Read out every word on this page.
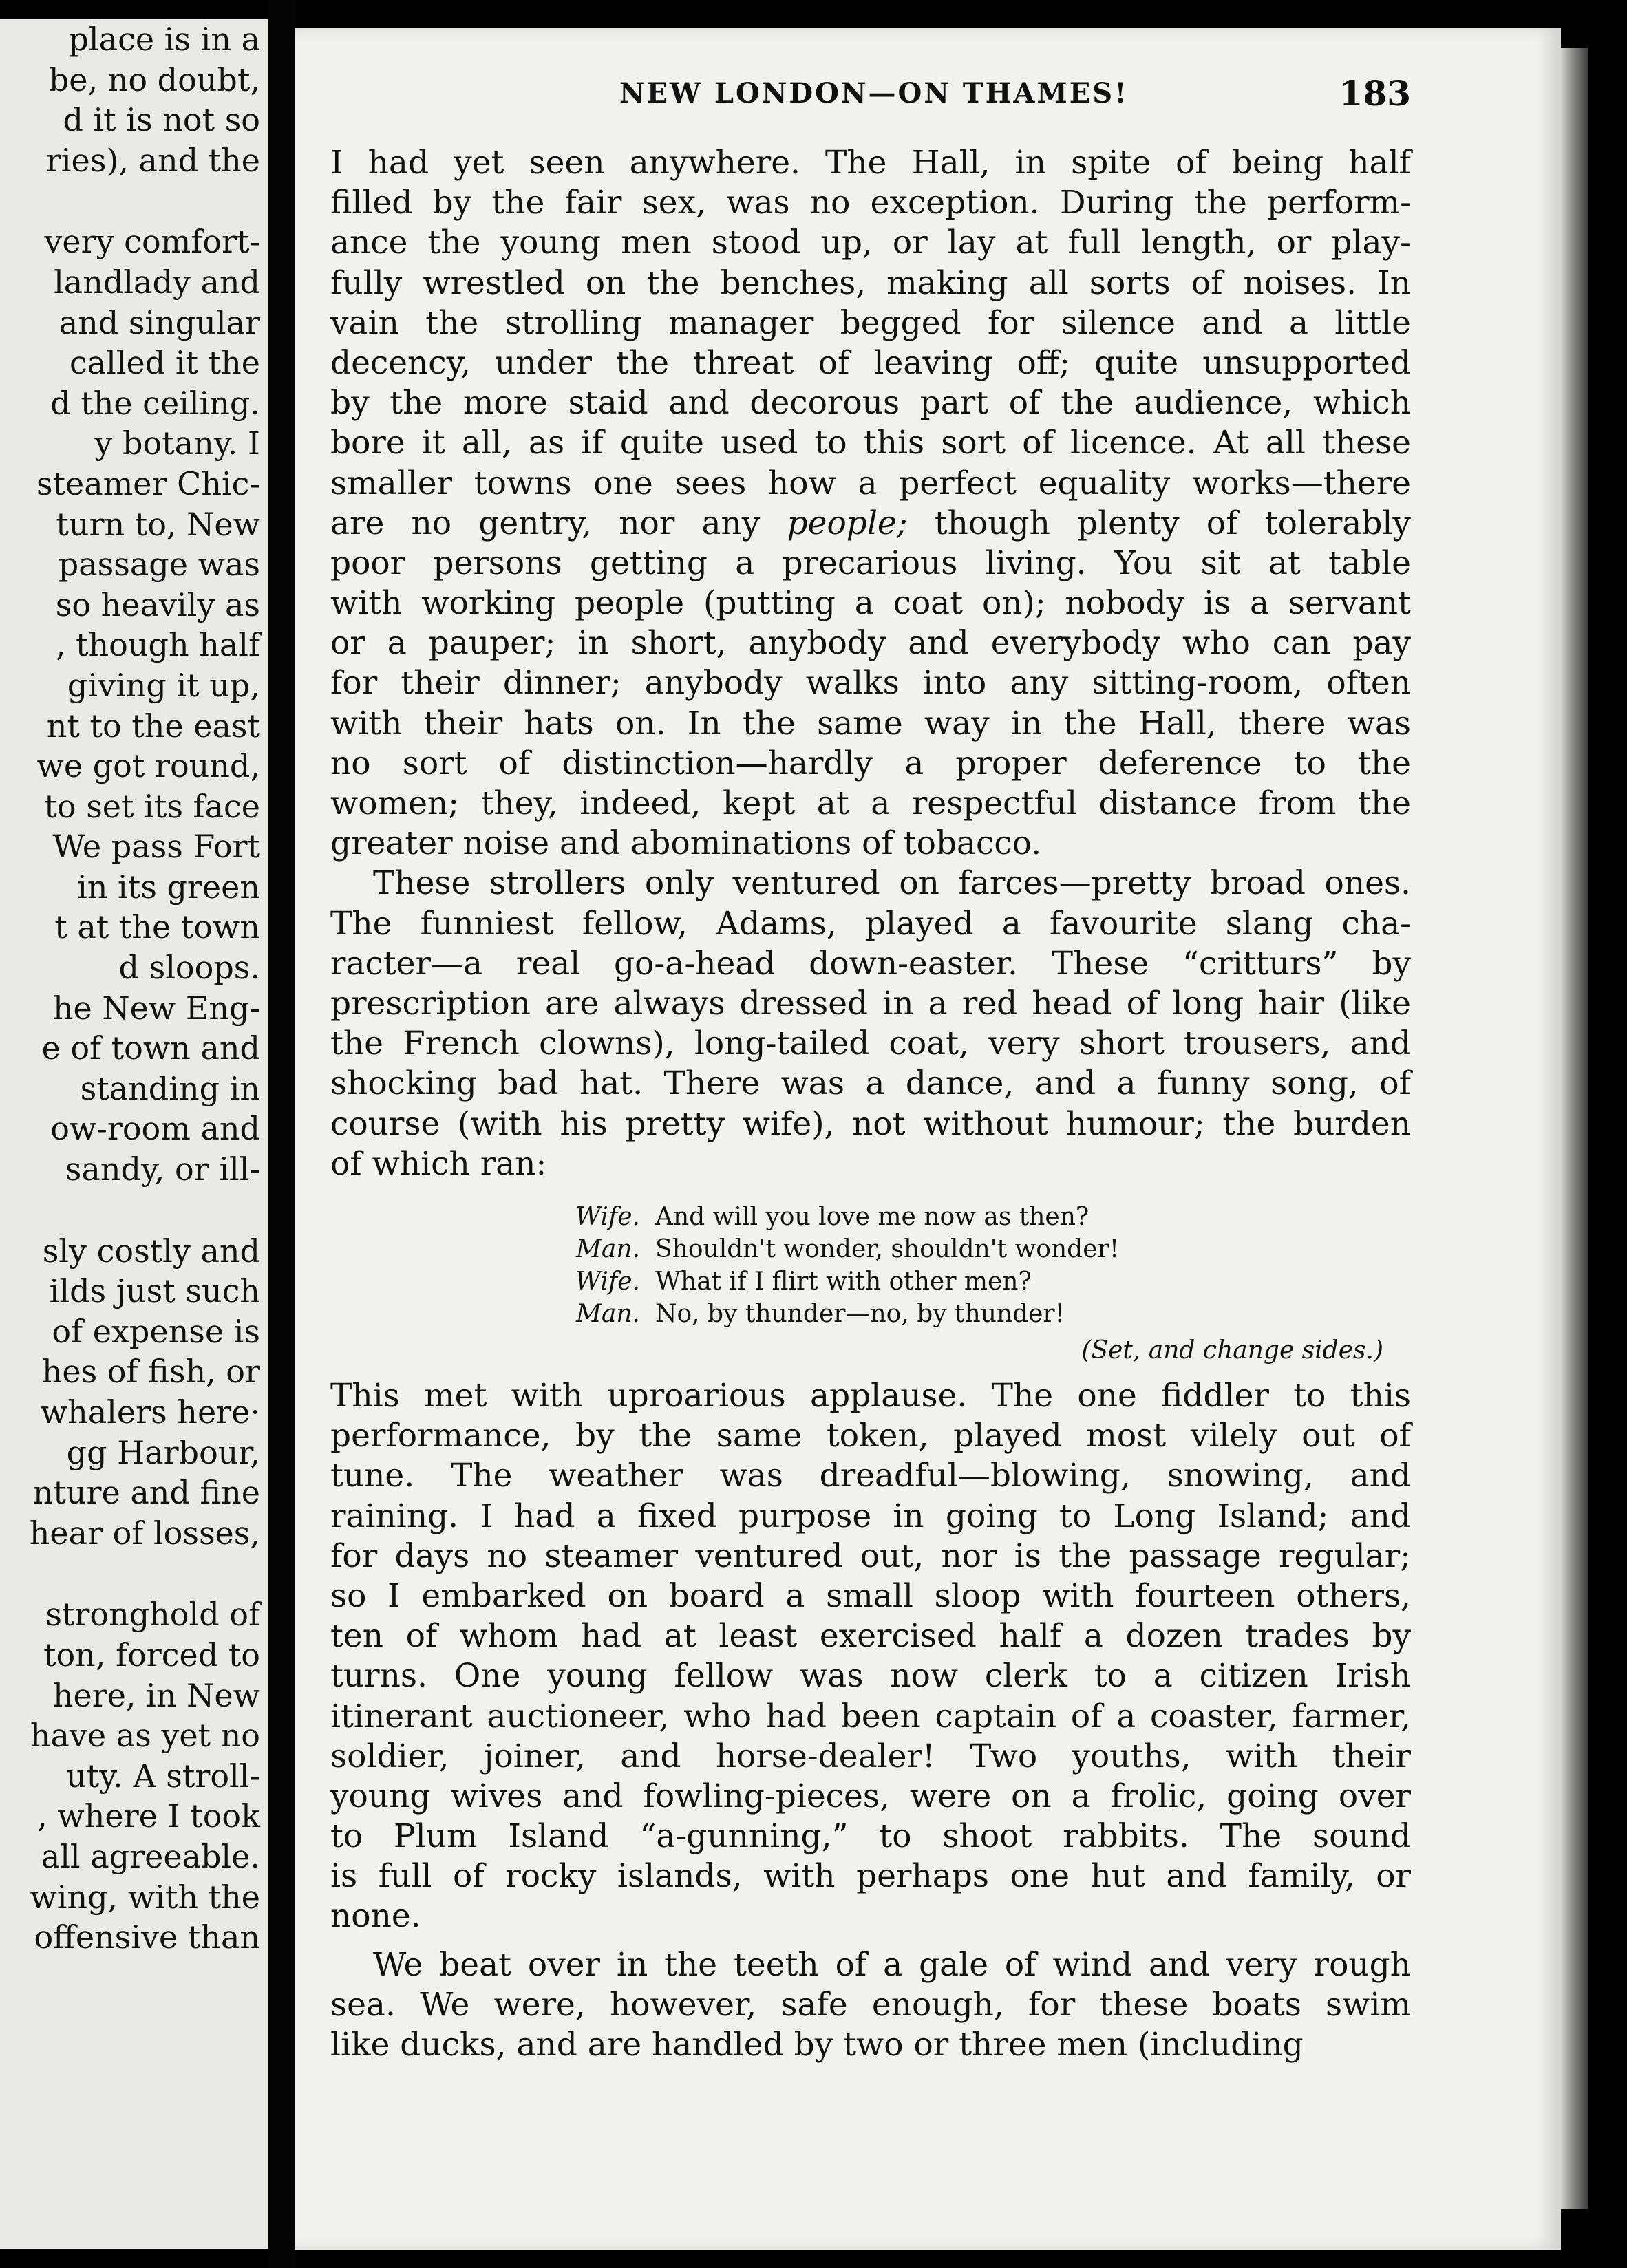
place is in a
be, no doubt,
d it is not so
ries), and the
very comfort-
landlady and
and singular
called it the
d the ceiling.
y botany. I
steamer Chic-
turn to, New
passage was
so heavily as
, though half
giving it up,
nt to the east
we got round,
to set its face
We pass Fort
in its green
t at the town
d sloops.
he New Eng-
e of town and
standing in
ow-room and
sandy, or ill-
sly costly and
ilds just such
of expense is
hes of fish, or
whalers here·
gg Harbour,
nture and fine
hear of losses,
stronghold of
ton, forced to
here, in New
have as yet no
uty. A stroll-
, where I took
all agreeable.
wing, with the
offensive than
NEW LONDON—ON THAMES!	183
I had yet seen anywhere. The Hall, in spite of being half
filled by the fair sex, was no exception. During the perform-
ance the young men stood up, or lay at full length, or play-
fully wrestled on the benches, making all sorts of noises. In
vain the strolling manager begged for silence and a little
decency, under the threat of leaving off; quite unsupported
by the more staid and decorous part of the audience, which
bore it all, as if quite used to this sort of licence. At all these
smaller towns one sees how a perfect equality works—there
are no gentry, nor any people; though plenty of tolerably
poor persons getting a precarious living. You sit at table
with working people (putting a coat on); nobody is a servant
or a pauper; in short, anybody and everybody who can pay
for their dinner; anybody walks into any sitting-room, often
with their hats on. In the same way in the Hall, there was
no sort of distinction—hardly a proper deference to the
women; they, indeed, kept at a respectful distance from the
greater noise and abominations of tobacco.
These strollers only ventured on farces—pretty broad ones.
The funniest fellow, Adams, played a favourite slang cha-
racter—a real go-a-head down-easter. These “critturs” by
prescription are always dressed in a red head of long hair (like
the French clowns), long-tailed coat, very short trousers, and
shocking bad hat. There was a dance, and a funny song, of
course (with his pretty wife), not without humour; the burden
of which ran:
Wife. And will you love me now as then?
Man. Shouldn't wonder, shouldn't wonder!
Wife. What if I flirt with other men?
Man. No, by thunder—no, by thunder!
(Set, and change sides.)
This met with uproarious applause. The one fiddler to this
performance, by the same token, played most vilely out of
tune. The weather was dreadful—blowing, snowing, and
raining. I had a fixed purpose in going to Long Island; and
for days no steamer ventured out, nor is the passage regular;
so I embarked on board a small sloop with fourteen others,
ten of whom had at least exercised half a dozen trades by
turns. One young fellow was now clerk to a citizen Irish
itinerant auctioneer, who had been captain of a coaster, farmer,
soldier, joiner, and horse-dealer! Two youths, with their
young wives and fowling-pieces, were on a frolic, going over
to Plum Island “a-gunning,” to shoot rabbits. The sound
is full of rocky islands, with perhaps one hut and family, or
none.
We beat over in the teeth of a gale of wind and very rough
sea. We were, however, safe enough, for these boats swim
like ducks, and are handled by two or three men (including
